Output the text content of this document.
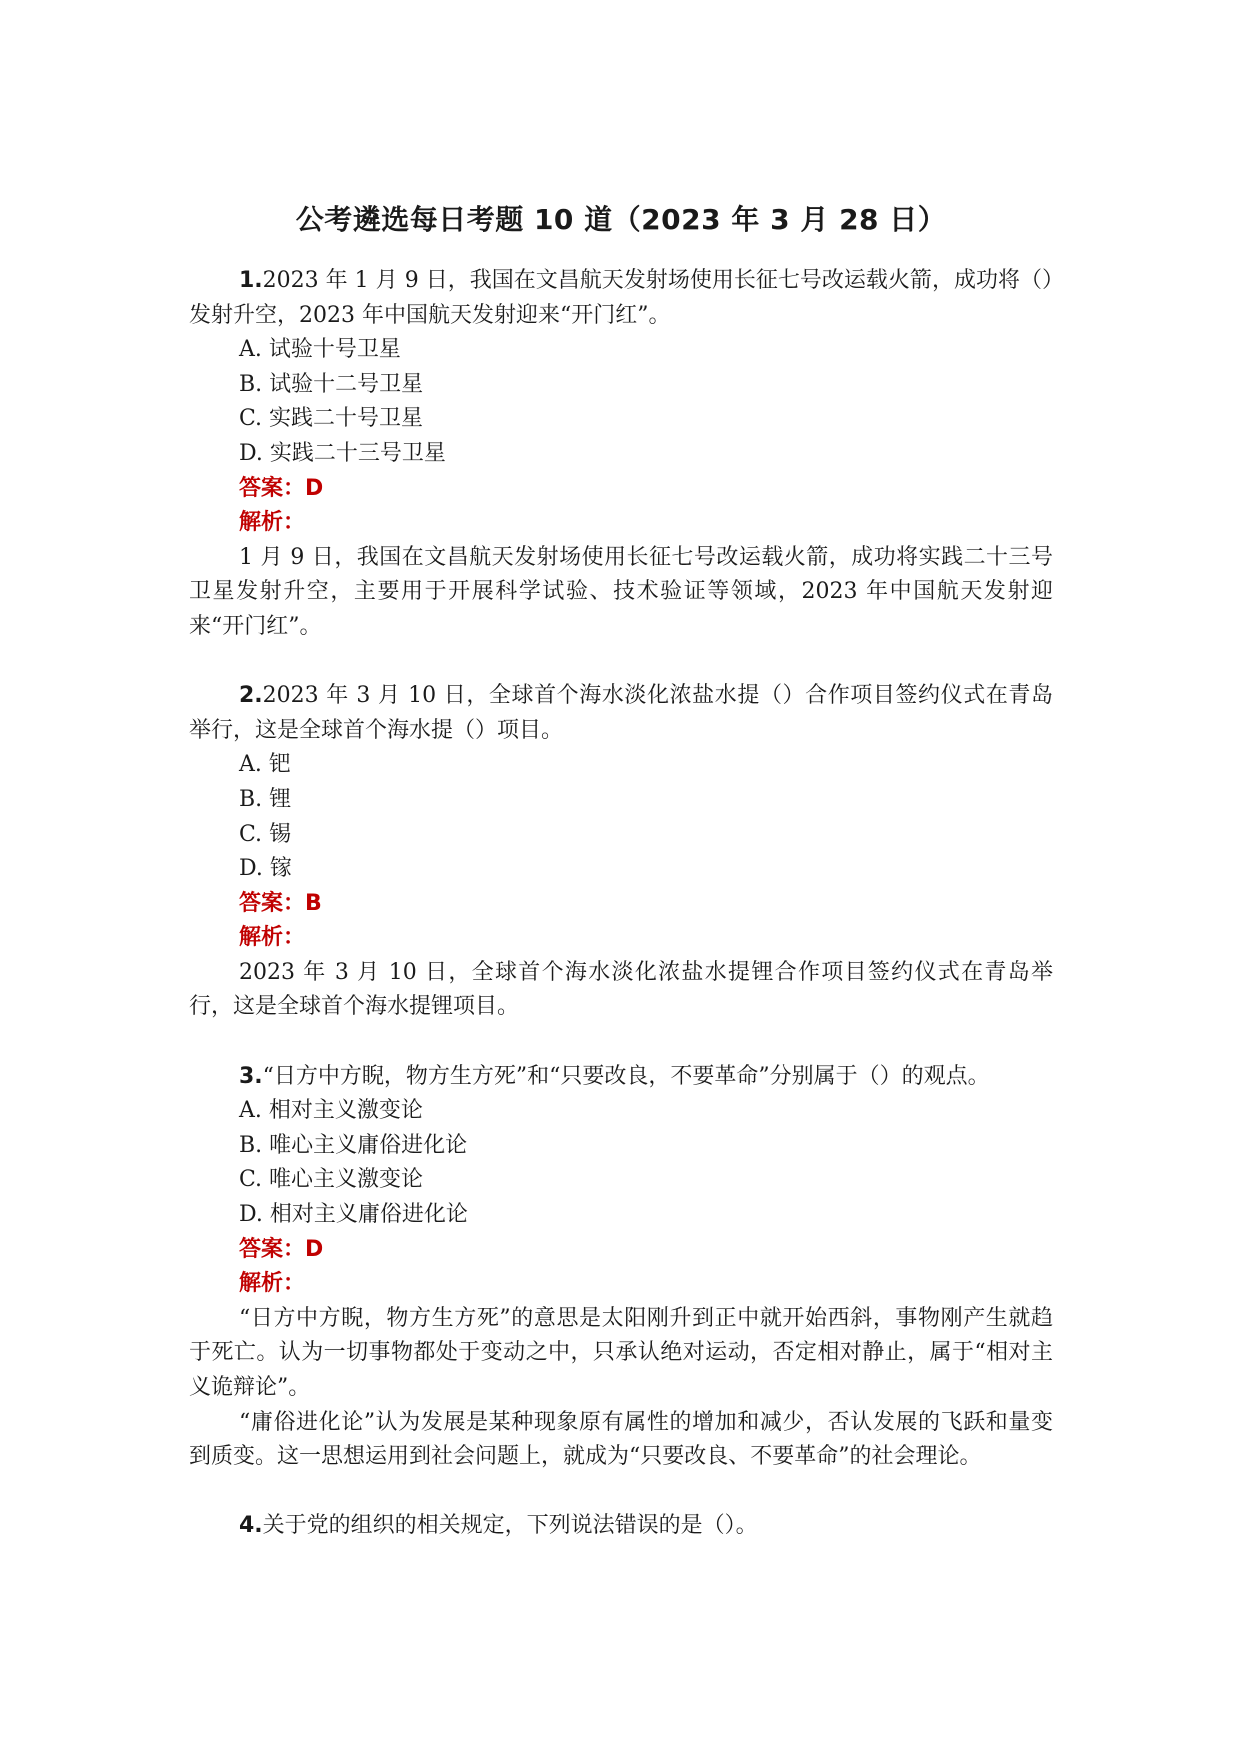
公考遴选每日考题 10 道（2023 年 3 月 28 日）

1.2023 年 1 月 9 日，我国在文昌航天发射场使用长征七号改运载火箭，成功将（）发射升空，2023 年中国航天发射迎来“开门红”。

A. 试验十号卫星

B. 试验十二号卫星

C. 实践二十号卫星

D. 实践二十三号卫星

答案：D

解析：

1 月 9 日，我国在文昌航天发射场使用长征七号改运载火箭，成功将实践二十三号卫星发射升空，主要用于开展科学试验、技术验证等领域，2023 年中国航天发射迎来“开门红”。

2.2023 年 3 月 10 日，全球首个海水淡化浓盐水提（）合作项目签约仪式在青岛举行，这是全球首个海水提（）项目。

A. 钯

B. 锂

C. 锡

D. 镓

答案：B

解析：

2023 年 3 月 10 日，全球首个海水淡化浓盐水提锂合作项目签约仪式在青岛举行，这是全球首个海水提锂项目。

3.“日方中方睨，物方生方死”和“只要改良，不要革命”分别属于（）的观点。

A. 相对主义激变论

B. 唯心主义庸俗进化论

C. 唯心主义激变论

D. 相对主义庸俗进化论

答案：D

解析：

“日方中方睨，物方生方死”的意思是太阳刚升到正中就开始西斜，事物刚产生就趋于死亡。认为一切事物都处于变动之中，只承认绝对运动，否定相对静止，属于“相对主义诡辩论”。

“庸俗进化论”认为发展是某种现象原有属性的增加和减少，否认发展的飞跃和量变到质变。这一思想运用到社会问题上，就成为“只要改良、不要革命”的社会理论。

4.关于党的组织的相关规定，下列说法错误的是（）。
